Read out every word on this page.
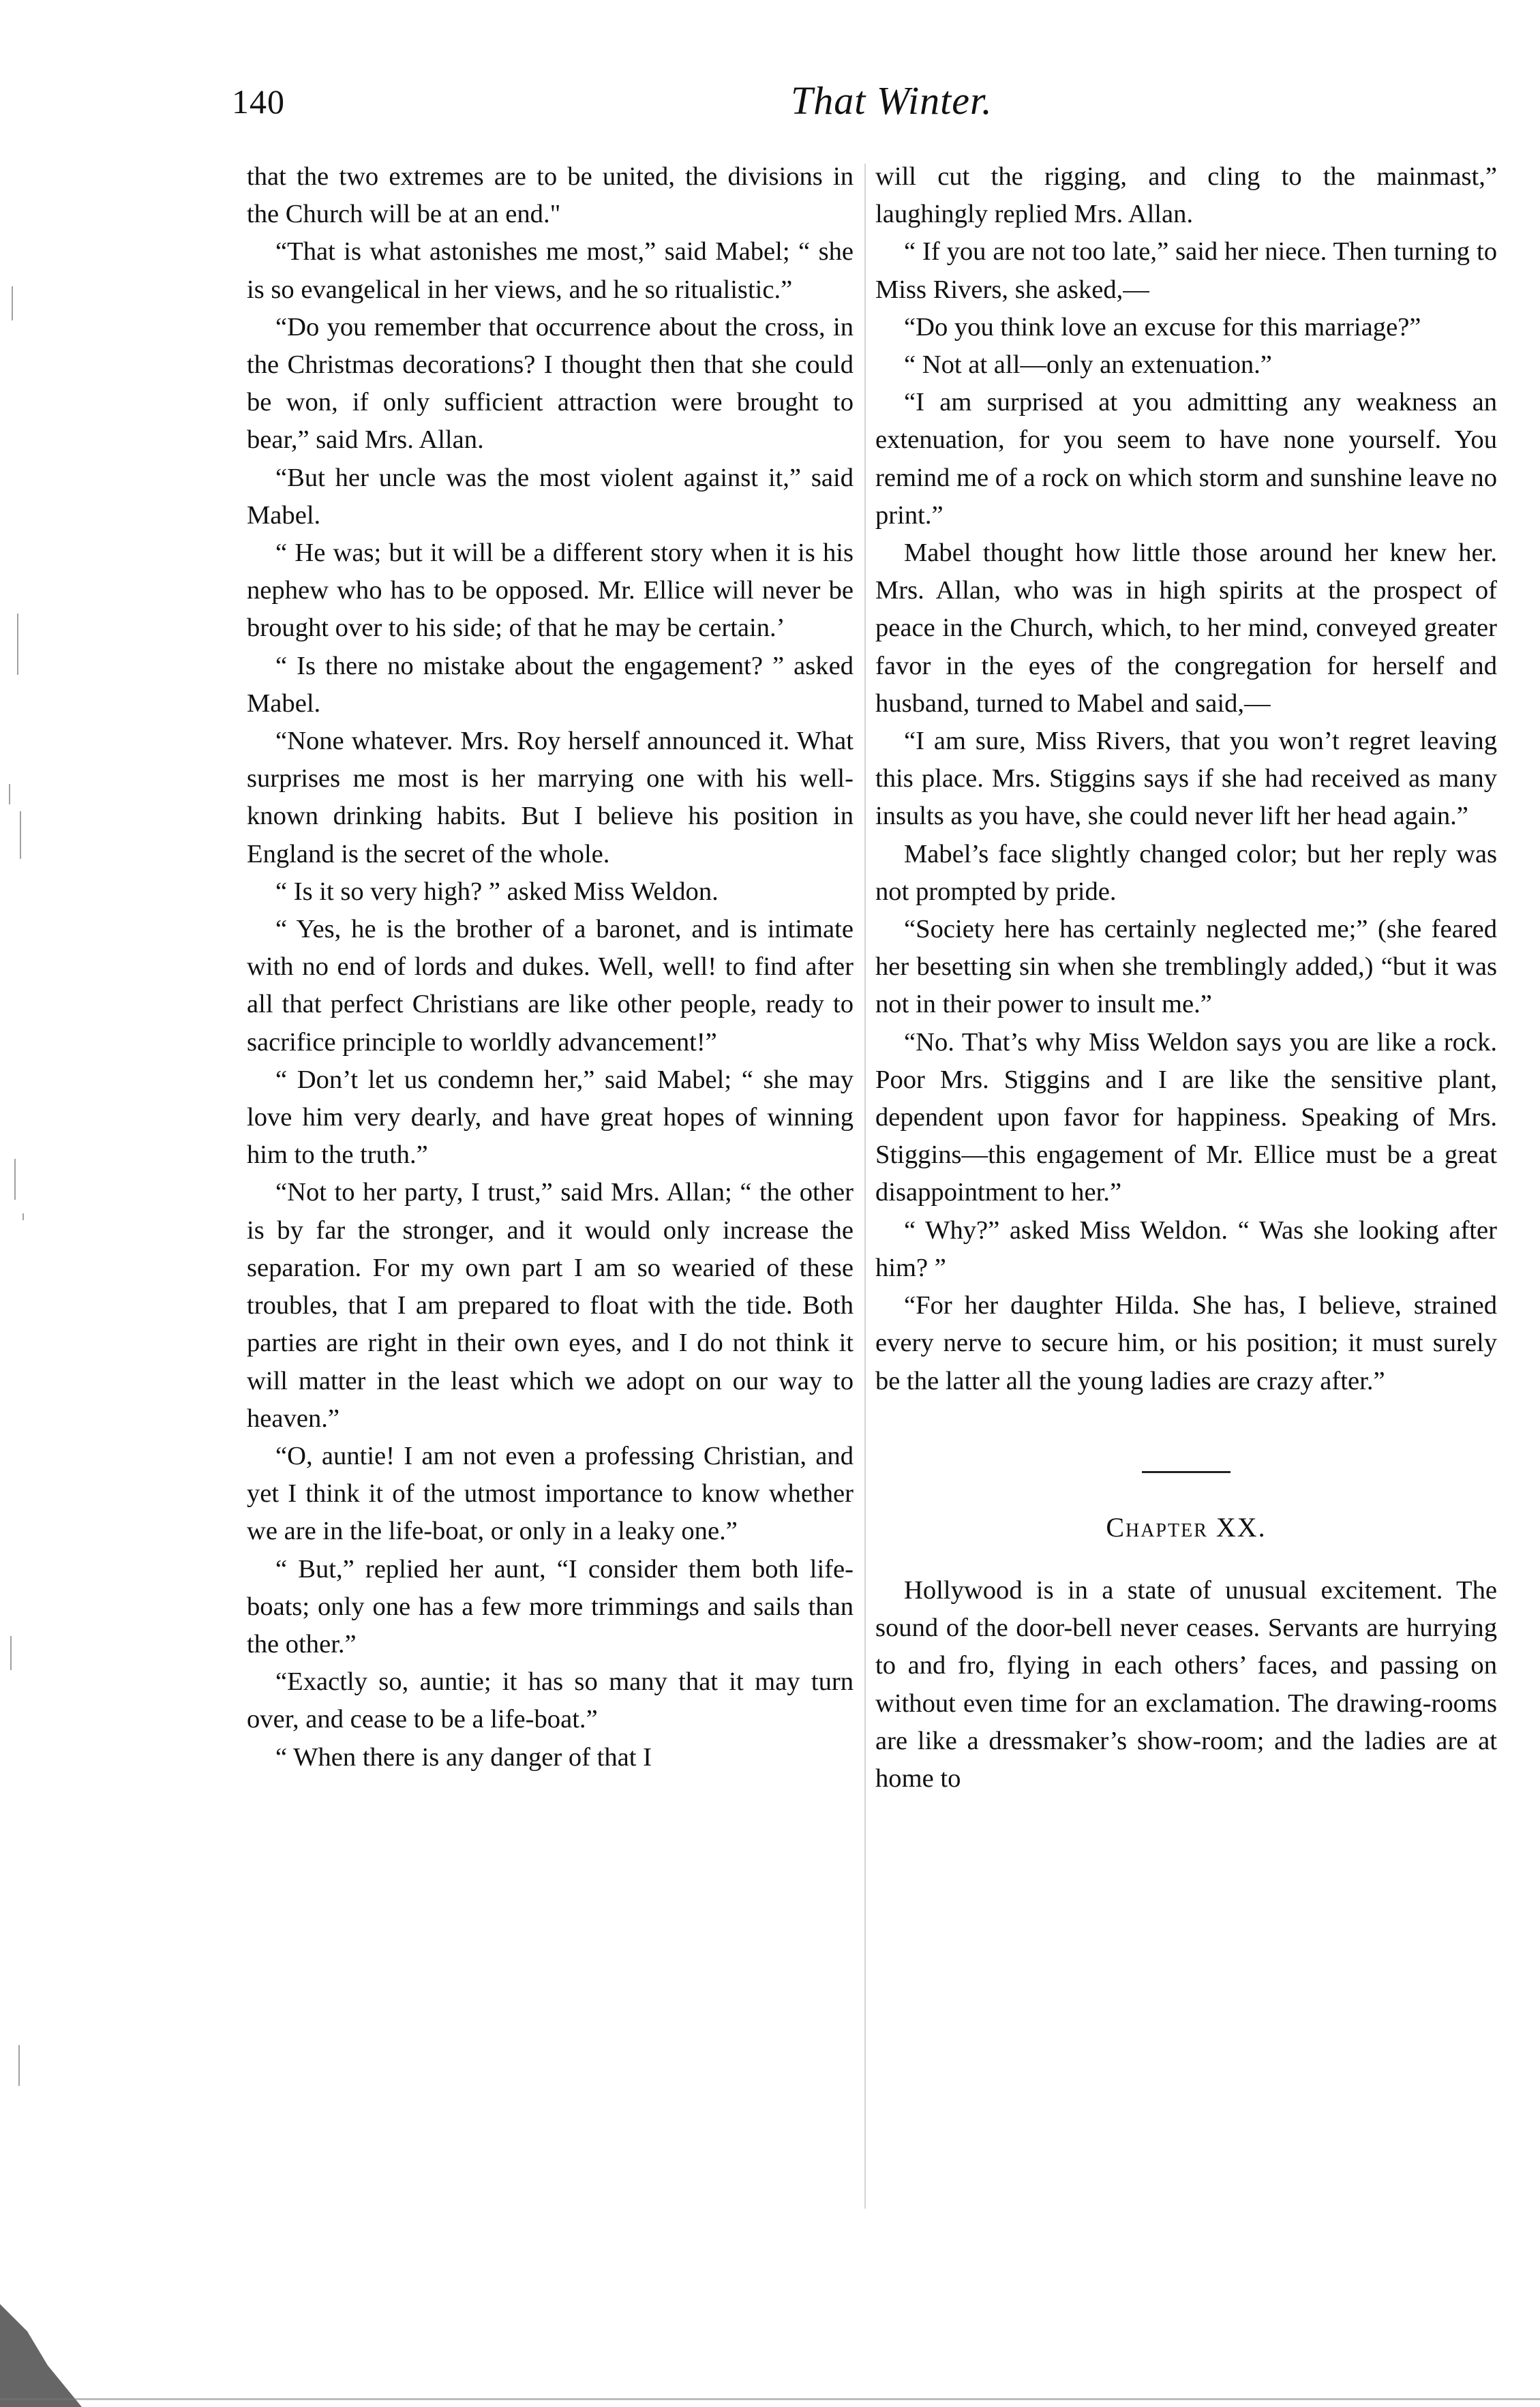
140	That Winter.

that the two extremes are to be united, the divisions in the Church will be at an end."

“That is what astonishes me most,” said Mabel; “ she is so evangelical in her views, and he so ritualistic.”

“Do you remember that occurrence about the cross, in the Christmas decorations? I thought then that she could be won, if only sufficient attraction were brought to bear,” said Mrs. Allan.

“But her uncle was the most violent against it,” said Mabel.

“ He was; but it will be a different story when it is his nephew who has to be opposed. Mr. Ellice will never be brought over to his side; of that he may be certain.’

“ Is there no mistake about the engagement? ” asked Mabel.

“None whatever. Mrs. Roy herself announced it. What surprises me most is her marrying one with his well-known drinking habits. But I believe his position in England is the secret of the whole.

“ Is it so very high? ” asked Miss Weldon.

“ Yes, he is the brother of a baronet, and is intimate with no end of lords and dukes. Well, well! to find after all that perfect Christians are like other people, ready to sacrifice principle to worldly advancement!”

“ Don’t let us condemn her,” said Mabel; “ she may love him very dearly, and have great hopes of winning him to the truth.”

“Not to her party, I trust,” said Mrs. Allan; “ the other is by far the stronger, and it would only increase the separation. For my own part I am so wearied of these troubles, that I am prepared to float with the tide. Both parties are right in their own eyes, and I do not think it will matter in the least which we adopt on our way to heaven.”

“O, auntie! I am not even a professing Christian, and yet I think it of the utmost importance to know whether we are in the life-boat, or only in a leaky one.”

“ But,” replied her aunt, “I consider them both life-boats; only one has a few more trimmings and sails than the other.”

“Exactly so, auntie; it has so many that it may turn over, and cease to be a life-boat.”

“ When there is any danger of that I

will cut the rigging, and cling to the mainmast,” laughingly replied Mrs. Allan.

“ If you are not too late,” said her niece. Then turning to Miss Rivers, she asked,—

“Do you think love an excuse for this marriage?”

“ Not at all—only an extenuation.”

“I am surprised at you admitting any weakness an extenuation, for you seem to have none yourself. You remind me of a rock on which storm and sunshine leave no print.”

Mabel thought how little those around her knew her. Mrs. Allan, who was in high spirits at the prospect of peace in the Church, which, to her mind, conveyed greater favor in the eyes of the congregation for herself and husband, turned to Mabel and said,—

“I am sure, Miss Rivers, that you won’t regret leaving this place. Mrs. Stiggins says if she had received as many insults as you have, she could never lift her head again.”

Mabel’s face slightly changed color; but her reply was not prompted by pride.

“Society here has certainly neglected me;” (she feared her besetting sin when she tremblingly added,) “but it was not in their power to insult me.”

“No. That’s why Miss Weldon says you are like a rock. Poor Mrs. Stiggins and I are like the sensitive plant, dependent upon favor for happiness. Speaking of Mrs. Stiggins—this engagement of Mr. Ellice must be a great disappointment to her.”

“ Why?” asked Miss Weldon. “ Was she looking after him? ”

“For her daughter Hilda. She has, I believe, strained every nerve to secure him, or his position; it must surely be the latter all the young ladies are crazy after.”

Chapter XX.

Hollywood is in a state of unusual excitement. The sound of the door-bell never ceases. Servants are hurrying to and fro, flying in each others’ faces, and passing on without even time for an exclamation. The drawing-rooms are like a dressmaker’s show-room; and the ladies are at home to
